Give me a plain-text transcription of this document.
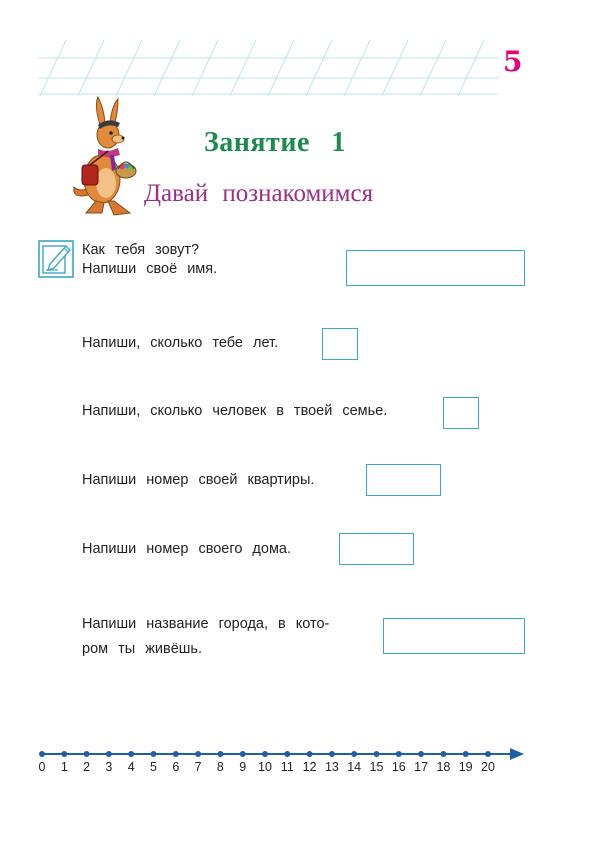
5
Занятие 1
Давай познакомимся
Как тебя зовут?
Напиши своё имя.
Напиши, сколько тебе лет.
Напиши, сколько человек в твоей семье.
Напиши номер своей квартиры.
Напиши номер своего дома.
Напиши название города, в кото-
ром ты живёшь.
0	1	2	3	4	5	6	7	8	9 10 11 12 13 14 15 16 17 18 19 20
